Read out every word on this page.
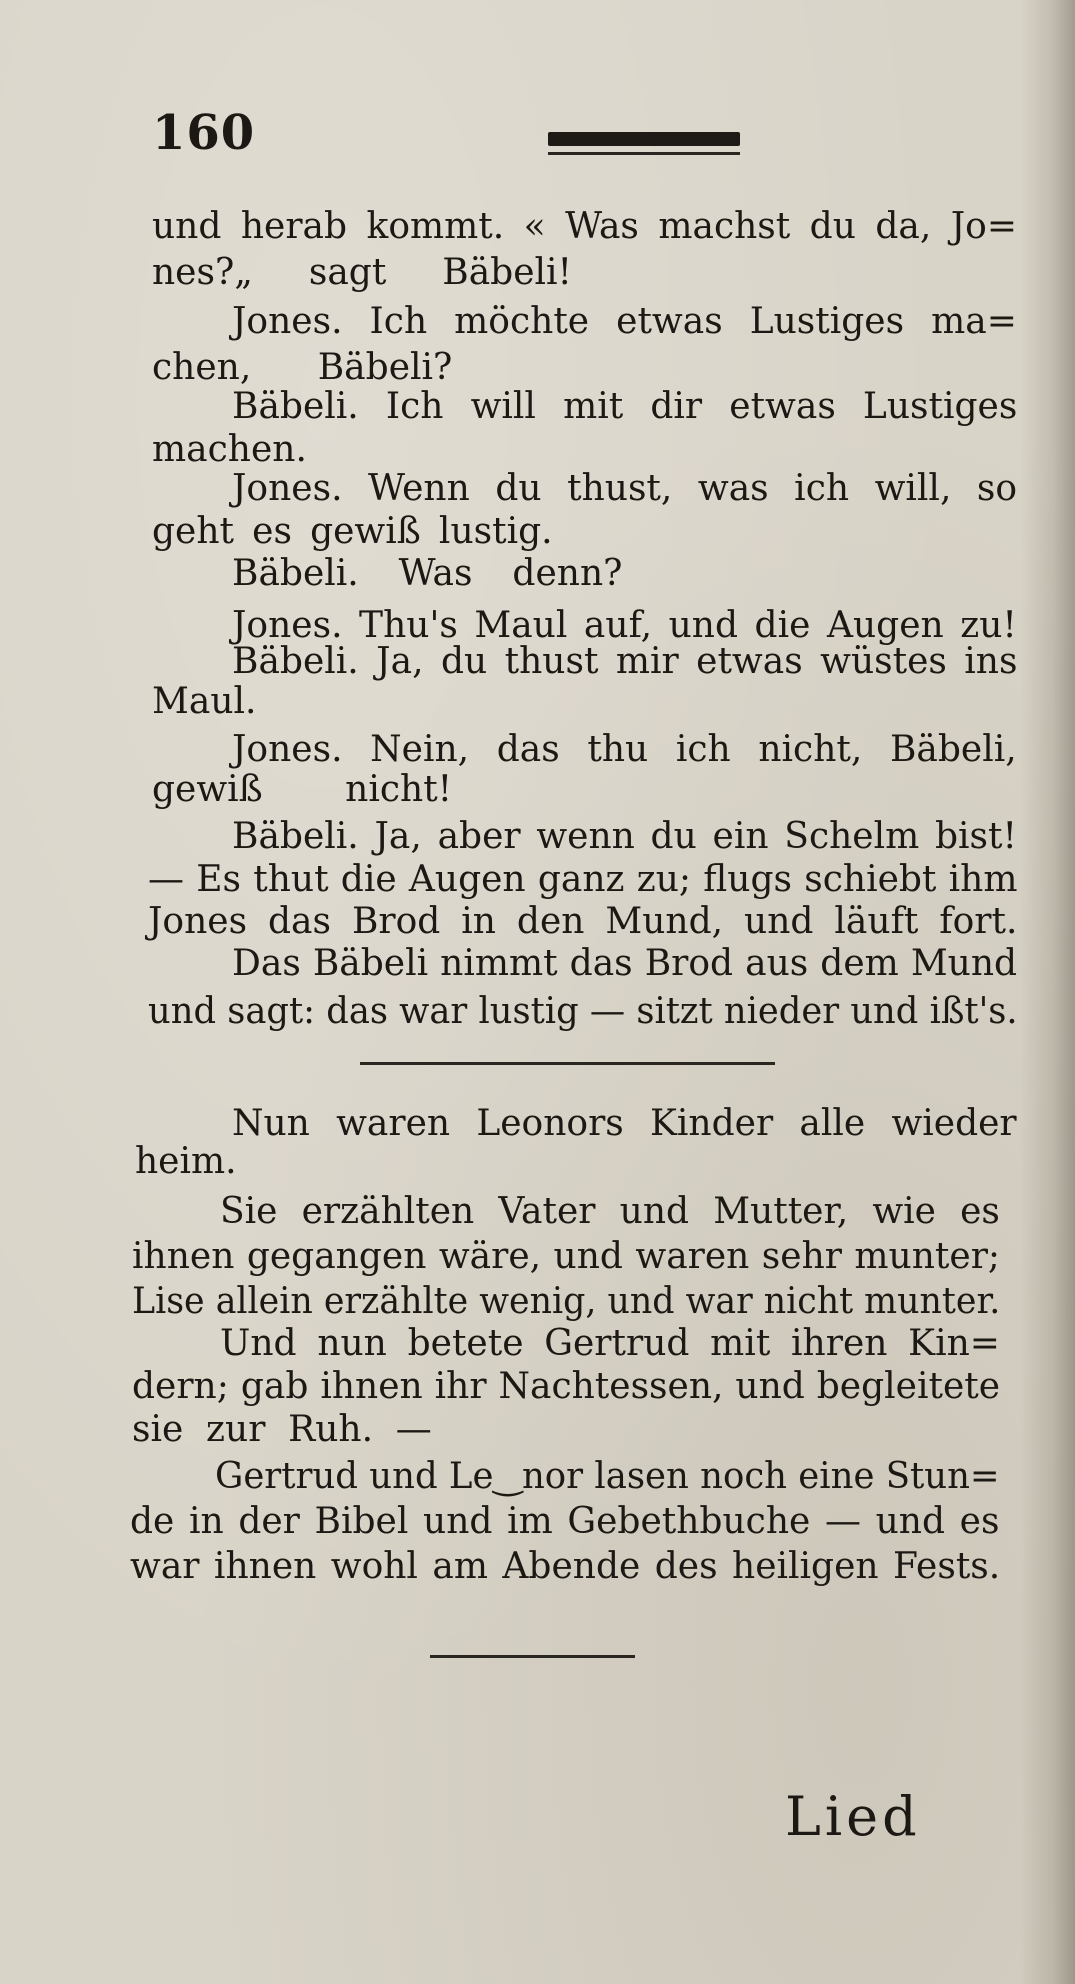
160
und herab kommt. « Was machst du da, Jo=
nes?„ sagt Bäbeli!
Jones. Ich möchte etwas Lustiges ma=
chen, Bäbeli?
Bäbeli. Ich will mit dir etwas Lustiges
machen.
Jones. Wenn du thust, was ich will, so
geht es gewiß lustig.
Bäbeli. Was denn?
Jones. Thu's Maul auf, und die Augen zu!
Bäbeli. Ja, du thust mir etwas wüstes ins
Maul.
Jones. Nein, das thu ich nicht, Bäbeli,
gewiß nicht!
Bäbeli. Ja, aber wenn du ein Schelm bist!
— Es thut die Augen ganz zu; flugs schiebt ihm
Jones das Brod in den Mund, und läuft fort.
Das Bäbeli nimmt das Brod aus dem Mund
und sagt: das war lustig — sitzt nieder und ißt's.
Nun waren Leonors Kinder alle wieder
heim.
Sie erzählten Vater und Mutter, wie es
ihnen gegangen wäre, und waren sehr munter;
Lise allein erzählte wenig, und war nicht munter.
Und nun betete Gertrud mit ihren Kin=
dern; gab ihnen ihr Nachtessen, und begleitete
sie zur Ruh. —
Gertrud und Le‿nor lasen noch eine Stun=
de in der Bibel und im Gebethbuche — und es
war ihnen wohl am Abende des heiligen Fests.
Lied
